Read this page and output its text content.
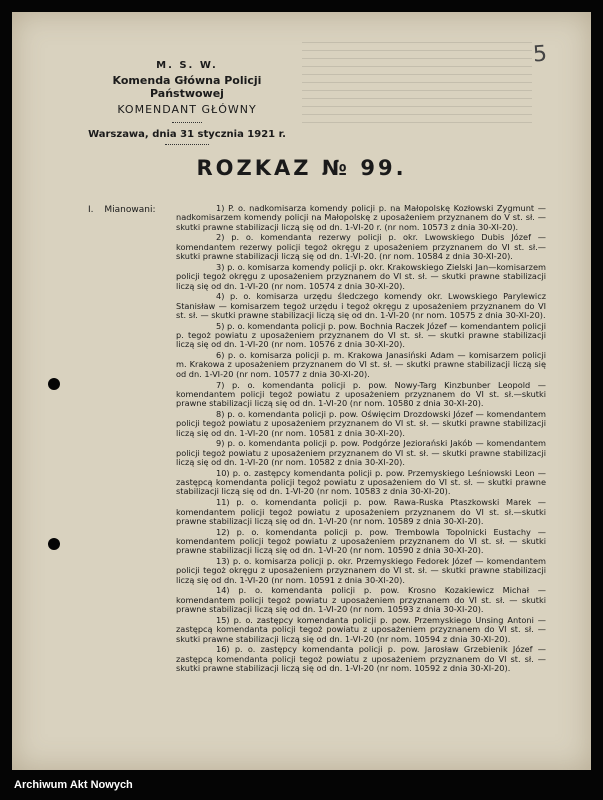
5
M. S. W.
Komenda Główna Policji Państwowej
KOMENDANT GŁÓWNY
Warszawa, dnia 31 stycznia 1921 r.
ROZKAZ № 99.
I. Mianowani:	1) P. o. nadkomisarza komendy policji p. na Małopolskę Kozłowski Zygmunt — nadkomisarzem komendy policji na Małopolskę z uposażeniem przyznanem do V st. sł. — skutki prawne stabilizacji liczą się od dn. 1-VI-20 r. (nr nom. 10573 z dnia 30-XI-20).

2) p. o. komendanta rezerwy policji p. okr. Lwowskiego Dubis Józef — komendantem rezerwy policji tegoż okręgu z uposażeniem przyznanem do VI st. sł.—skutki prawne stabilizacji liczą się od dn. 1-VI-20. (nr nom. 10584 z dnia 30-XI-20).

3) p. o. komisarza komendy policji p. okr. Krakowskiego Zielski Jan—komisarzem policji tegoż okręgu z uposażeniem przyznanem do VI st. sł. — skutki prawne stabilizacji liczą się od dn. 1-VI-20 (nr nom. 10574 z dnia 30-XI-20).

4) p. o. komisarza urzędu śledczego komendy okr. Lwowskiego Parylewicz Stanisław — komisarzem tegoż urzędu i tegoż okręgu z uposażeniem przyznanem do VI st. sł. — skutki prawne stabilizacji liczą się od dn. 1-VI-20 (nr nom. 10575 z dnia 30-XI-20).

5) p. o. komendanta policji p. pow. Bochnia Raczek Józef — komendantem policji p. tegoż powiatu z uposażeniem przyznanem do VI st. sł. — skutki prawne stabilizacji liczą się od dn. 1-VI-20 (nr nom. 10576 z dnia 30-XI-20).

6) p. o. komisarza policji p. m. Krakowa Janasiński Adam — komisarzem policji m. Krakowa z uposażeniem przyznanem do VI st. sł. — skutki prawne stabilizacji liczą się od dn. 1-VI-20 (nr nom. 10577 z dnia 30-XI-20).

7) p. o. komendanta policji p. pow. Nowy-Targ Kinzbunber Leopold — komendantem policji tegoż powiatu z uposażeniem przyznanem do VI st. sł.—skutki prawne stabilizacji liczą się od dn. 1-VI-20 (nr nom. 10580 z dnia 30-XI-20).

8) p. o. komendanta policji p. pow. Oświęcim Drozdowski Józef — komendantem policji tegoż powiatu z uposażeniem przyznanem do VI st. sł. — skutki prawne stabilizacji liczą się od dn. 1-VI-20 (nr nom. 10581 z dnia 30-XI-20).

9) p. o. komendanta policji p. pow. Podgórze Jeziorański Jakób — komendantem policji tegoż powiatu z uposażeniem przyznanem do VI st. sł. — skutki prawne stabilizacji liczą się od dn. 1-VI-20 (nr nom. 10582 z dnia 30-XI-20).

10) p. o. zastępcy komendanta policji p. pow. Przemyskiego Leśniowski Leon — zastępcą komendanta policji tegoż powiatu z uposażeniem do VI st. sł. — skutki prawne stabilizacji liczą się od dn. 1-VI-20 (nr nom. 10583 z dnia 30-XI-20).

11) p. o. komendanta policji p. pow. Rawa-Ruska Ptaszkowski Marek — komendantem policji tegoż powiatu z uposażeniem przyznanem do VI st. sł.—skutki prawne stabilizacji liczą się od dn. 1-VI-20 (nr nom. 10589 z dnia 30-XI-20).

12) p. o. komendanta policji p. pow. Trembowla Topolnicki Eustachy — komendantem policji tegoż powiatu z uposażeniem przyznanem do VI st. sł. — skutki prawne stabilizacji liczą się od dn. 1-VI-20 (nr nom. 10590 z dnia 30-XI-20).

13) p. o. komisarza policji p. okr. Przemyskiego Fedorek Józef — komendantem policji tegoż okręgu z uposażeniem przyznanem do VI st. sł. — skutki prawne stabilizacji liczą się od dn. 1-VI-20 (nr nom. 10591 z dnia 30-XI-20).

14) p. o. komendanta policji p. pow. Krosno Kozakiewicz Michał — komendantem policji tegoż powiatu z uposażeniem przyznanem do VI st. sł. — skutki prawne stabilizacji liczą się od dn. 1-VI-20 (nr nom. 10593 z dnia 30-XI-20).

15) p. o. zastępcy komendanta policji p. pow. Przemyskiego Unsing Antoni — zastępcą komendanta policji tegoż powiatu z uposażeniem przyznanem do VI st. sł. — skutki prawne stabilizacji liczą się od dn. 1-VI-20 (nr nom. 10594 z dnia 30-XI-20).

16) p. o. zastępcy komendanta policji p. pow. Jarosław Grzebienik Józef — zastępcą komendanta policji tegoż powiatu z uposażeniem przyznanem do VI st. sł. — skutki prawne stabilizacji liczą się od dn. 1-VI-20 (nr nom. 10592 z dnia 30-XI-20).

Archiwum Akt Nowych
